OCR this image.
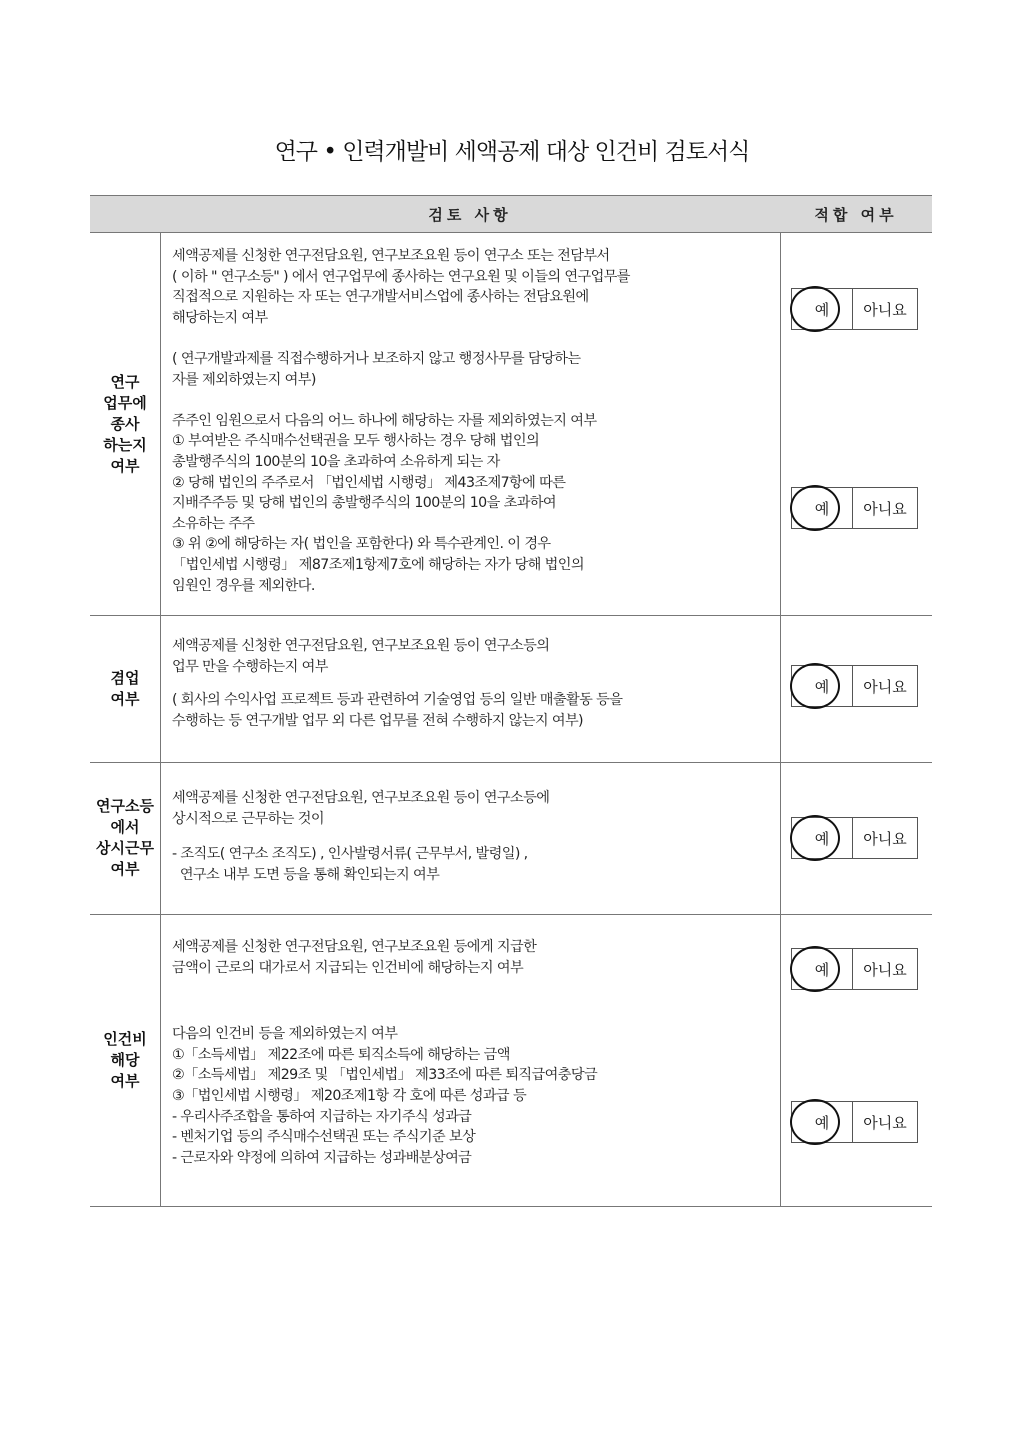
연구 • 인력개발비 세액공제 대상 인건비 검토서식
검토 사항	적합 여부
연구
업무에
종사
하는지
여부
세액공제를 신청한 연구전담요원, 연구보조요원 등이 연구소 또는 전담부서
( 이하 " 연구소등" ) 에서 연구업무에 종사하는 연구요원 및 이들의 연구업무를
직접적으로 지원하는 자 또는 연구개발서비스업에 종사하는 전담요원에
해당하는지 여부
( 연구개발과제를 직접수행하거나 보조하지 않고 행정사무를 담당하는
자를 제외하였는지 여부)
주주인 임원으로서 다음의 어느 하나에 해당하는 자를 제외하였는지 여부
① 부여받은 주식매수선택권을 모두 행사하는 경우 당해 법인의
총발행주식의 100분의 10을 초과하여 소유하게 되는 자
② 당해 법인의 주주로서 「법인세법 시행령」 제43조제7항에 따른
지배주주등 및 당해 법인의 총발행주식의 100분의 10을 초과하여
소유하는 주주
③ 위 ②에 해당하는 자( 법인을 포함한다) 와 특수관계인. 이 경우
「법인세법 시행령」 제87조제1항제7호에 해당하는 자가 당해 법인의
임원인 경우를 제외한다.
예 아니요
예 아니요
겸업
여부
세액공제를 신청한 연구전담요원, 연구보조요원 등이 연구소등의
업무 만을 수행하는지 여부
( 회사의 수익사업 프로젝트 등과 관련하여 기술영업 등의 일반 매출활동 등을
수행하는 등 연구개발 업무 외 다른 업무를 전혀 수행하지 않는지 여부)
예 아니요
연구소등
에서
상시근무
여부
세액공제를 신청한 연구전담요원, 연구보조요원 등이 연구소등에
상시적으로 근무하는 것이
- 조직도( 연구소 조직도) , 인사발령서류( 근무부서, 발령일) ,
연구소 내부 도면 등을 통해 확인되는지 여부
예 아니요
인건비
해당
여부
세액공제를 신청한 연구전담요원, 연구보조요원 등에게 지급한
금액이 근로의 대가로서 지급되는 인건비에 해당하는지 여부
다음의 인건비 등을 제외하였는지 여부
①「소득세법」 제22조에 따른 퇴직소득에 해당하는 금액
②「소득세법」 제29조 및 「법인세법」 제33조에 따른 퇴직급여충당금
③「법인세법 시행령」 제20조제1항 각 호에 따른 성과급 등
- 우리사주조합을 통하여 지급하는 자기주식 성과급
- 벤처기업 등의 주식매수선택권 또는 주식기준 보상
- 근로자와 약정에 의하여 지급하는 성과배분상여금
예 아니요
예 아니요
